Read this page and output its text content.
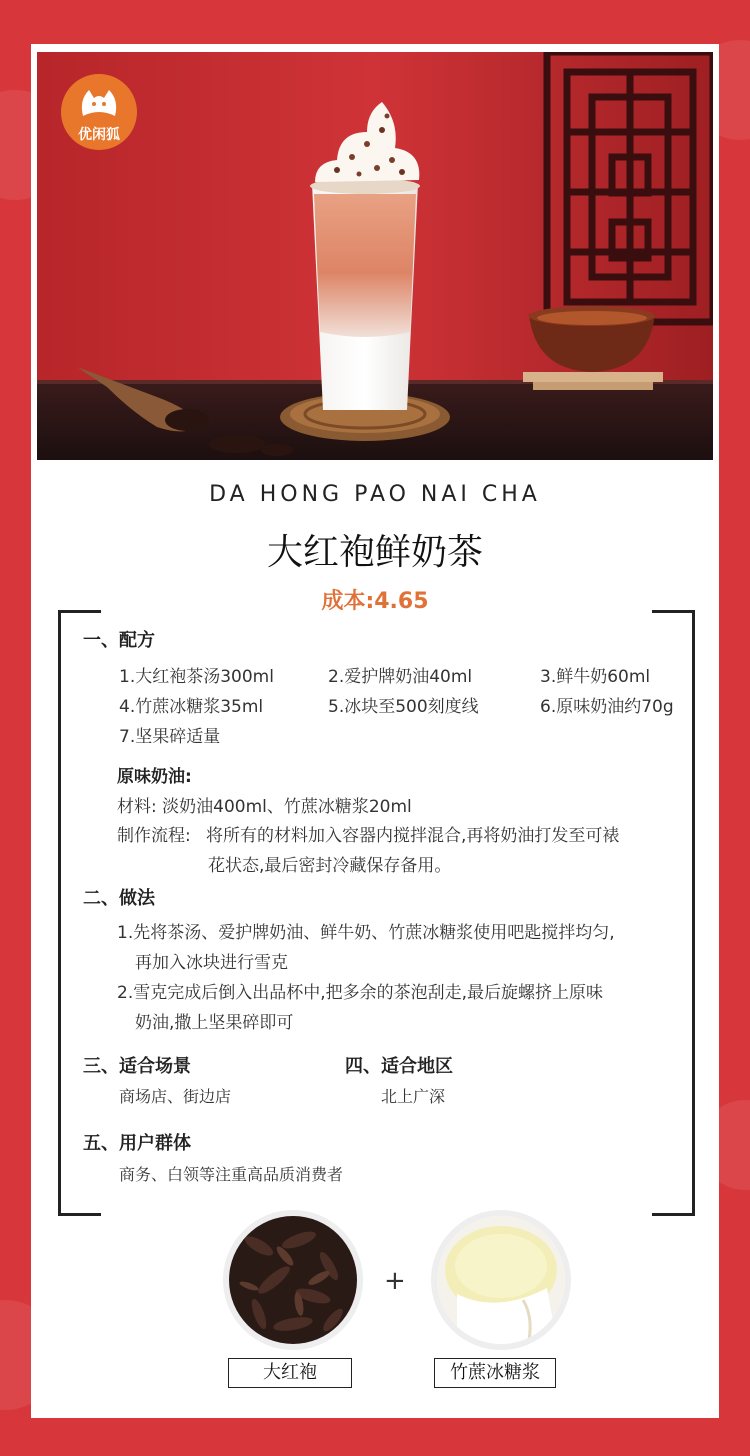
优闲狐
DA HONG PAO NAI CHA
大红袍鲜奶茶
成本:4.65
一、配方
1.大红袍茶汤300ml	2.爱护牌奶油40ml	3.鲜牛奶60ml
4.竹蔗冰糖浆35ml	5.冰块至500刻度线	6.原味奶油约70g
7.坚果碎适量
原味奶油:
材料: 淡奶油400ml、竹蔗冰糖浆20ml
制作流程: 将所有的材料加入容器内搅拌混合,再将奶油打发至可裱
花状态,最后密封冷藏保存备用。
二、做法
1.先将茶汤、爱护牌奶油、鲜牛奶、竹蔗冰糖浆使用吧匙搅拌均匀,
再加入冰块进行雪克
2.雪克完成后倒入出品杯中,把多余的茶泡刮走,最后旋螺挤上原味
奶油,撒上坚果碎即可
三、适合场景
商场店、街边店
四、适合地区
北上广深
五、用户群体
商务、白领等注重高品质消费者
+
大红袍	竹蔗冰糖浆
